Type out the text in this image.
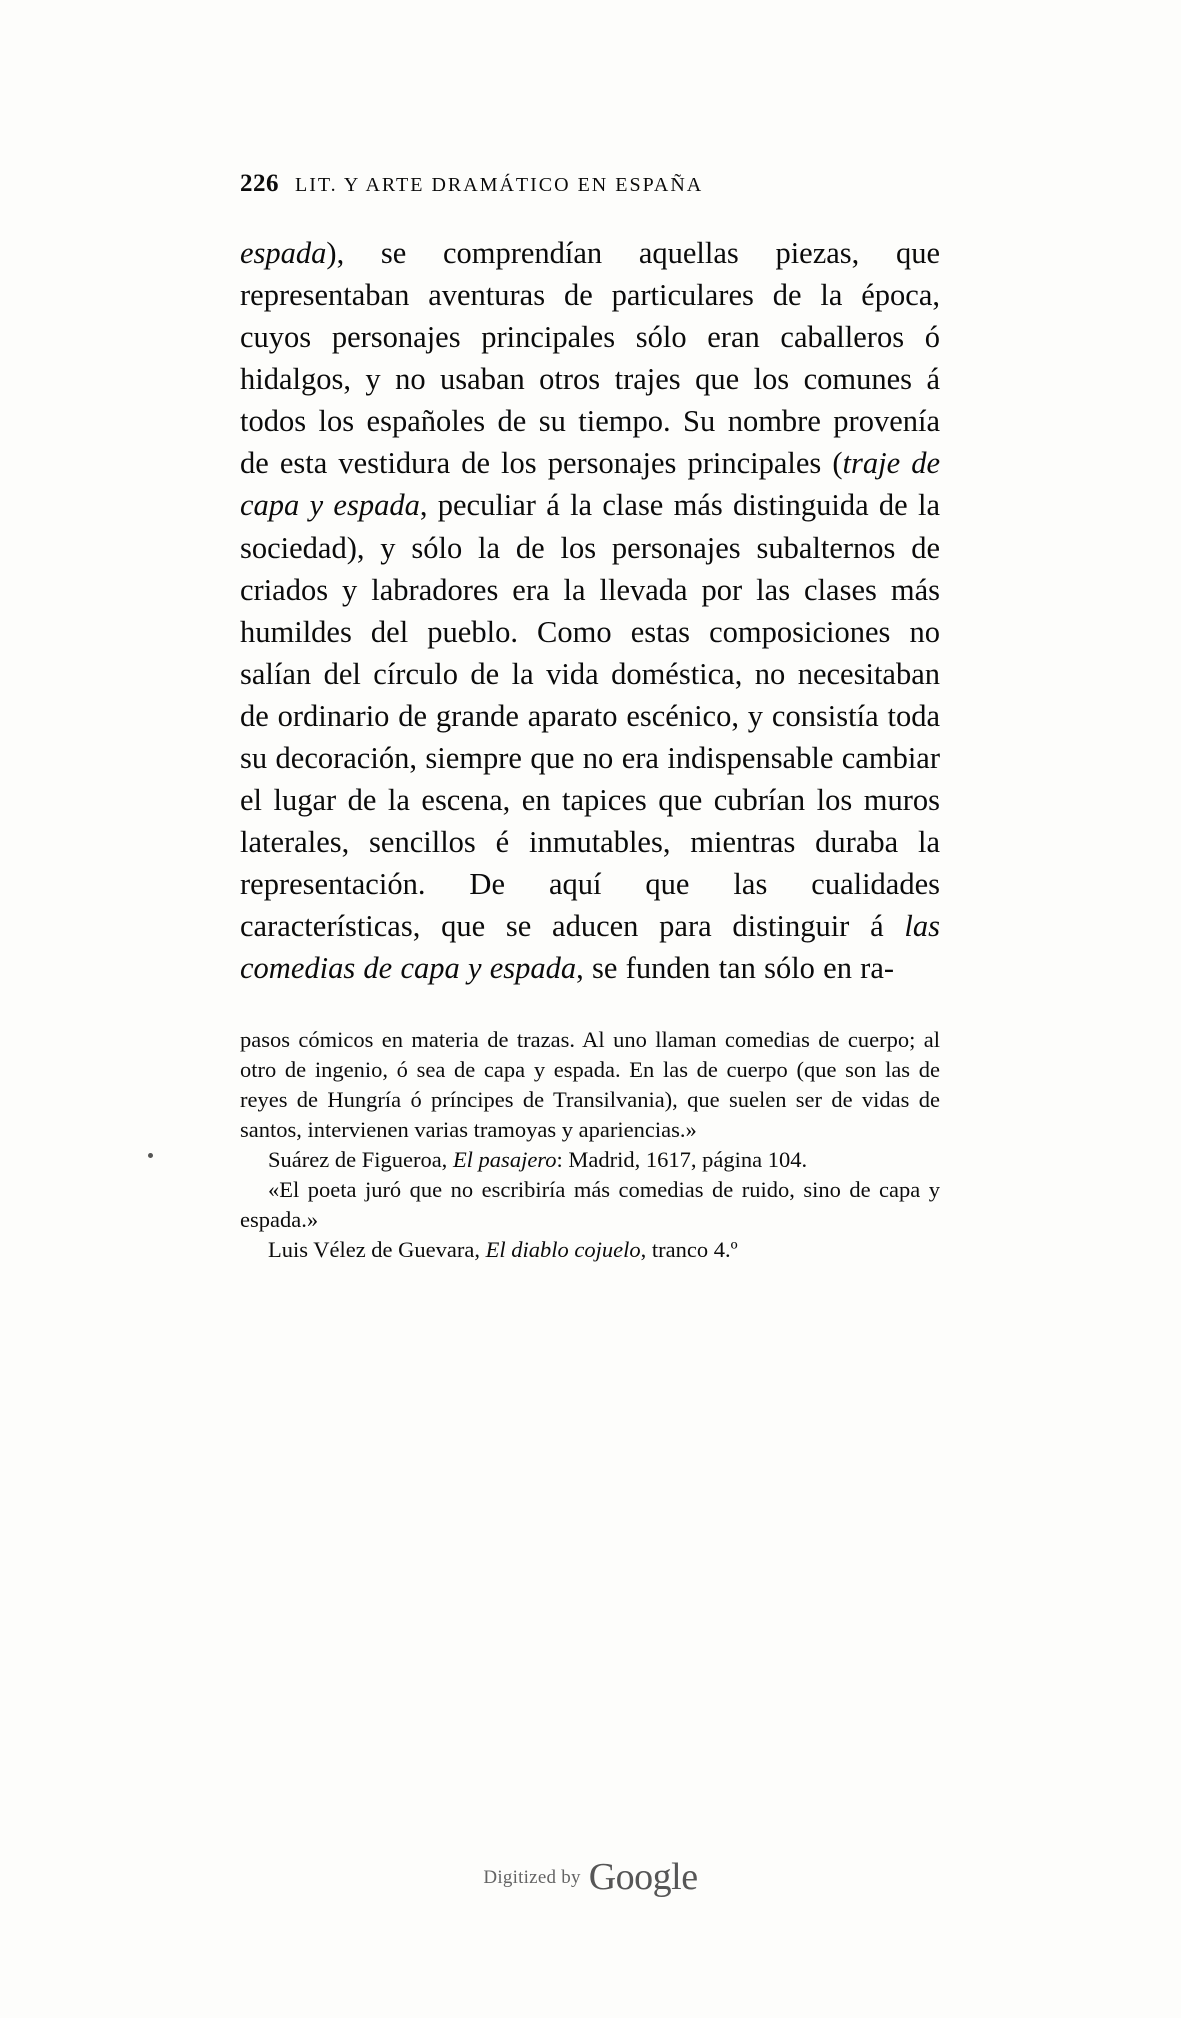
226 LIT. Y ARTE DRAMÁTICO EN ESPAÑA
espada), se comprendían aquellas piezas, que representaban aventuras de particulares de la época, cuyos personajes principales sólo eran caballeros ó hidalgos, y no usaban otros trajes que los comunes á todos los españoles de su tiempo. Su nombre provenía de esta vestidura de los personajes principales (traje de capa y espada, peculiar á la clase más distinguida de la sociedad), y sólo la de los personajes subalternos de criados y labradores era la llevada por las clases más humildes del pueblo. Como estas composiciones no salían del círculo de la vida doméstica, no necesitaban de ordinario de grande aparato escénico, y consistía toda su decoración, siempre que no era indispensable cambiar el lugar de la escena, en tapices que cubrían los muros laterales, sencillos é inmutables, mientras duraba la representación. De aquí que las cualidades características, que se aducen para distinguir á las comedias de capa y espada, se funden tan sólo en ra-

pasos cómicos en materia de trazas. Al uno llaman comedias de cuerpo; al otro de ingenio, ó sea de capa y espada. En las de cuerpo (que son las de reyes de Hungría ó príncipes de Transilvania), que suelen ser de vidas de santos, intervienen varias tramoyas y apariencias.»

Suárez de Figueroa, El pasajero: Madrid, 1617, página 104.

«El poeta juró que no escribiría más comedias de ruido, sino de capa y espada.»

Luis Vélez de Guevara, El diablo cojuelo, tranco 4.º

$^{Digitized by}$ Google
